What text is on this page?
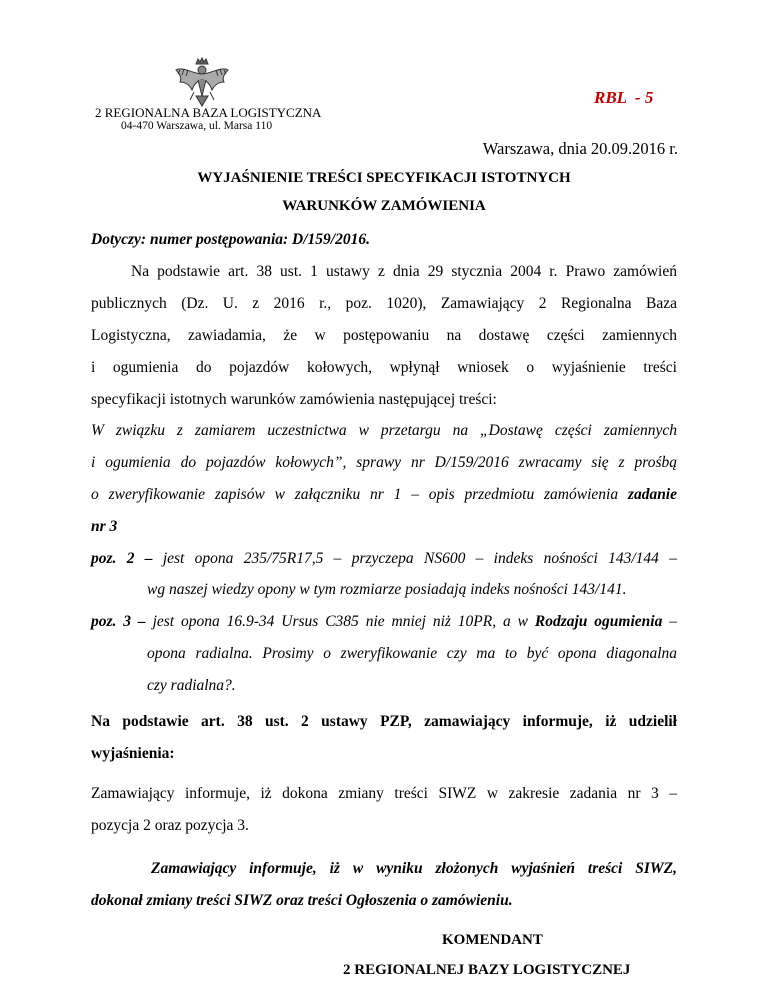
2 REGIONALNA BAZA LOGISTYCZNA
04-470 Warszawa, ul. Marsa 110
RBL  - 5
Warszawa, dnia 20.09.2016 r.
WYJAŚNIENIE TREŚCI SPECYFIKACJI ISTOTNYCH
WARUNKÓW ZAMÓWIENIA
Dotyczy: numer postępowania: D/159/2016.
Na podstawie art. 38 ust. 1 ustawy z dnia 29 stycznia 2004 r. Prawo zamówień
publicznych (Dz. U. z 2016 r., poz. 1020), Zamawiający 2 Regionalna Baza
Logistyczna, zawiadamia, że w postępowaniu na dostawę części zamiennych
i ogumienia do pojazdów kołowych, wpłynął wniosek o wyjaśnienie treści
specyfikacji istotnych warunków zamówienia następującej treści:
W związku z zamiarem uczestnictwa w przetargu na „Dostawę części zamiennych
i ogumienia do pojazdów kołowych”, sprawy nr D/159/2016 zwracamy się z prośbą
o zweryfikowanie zapisów w załączniku nr 1 – opis przedmiotu zamówienia zadanie
nr 3
poz. 2 – jest opona 235/75R17,5 – przyczepa NS600 – indeks nośności 143/144 –
wg naszej wiedzy opony w tym rozmiarze posiadają indeks nośności 143/141.
poz. 3 – jest opona 16.9-34 Ursus C385 nie mniej niż 10PR, a w Rodzaju ogumienia –
opona radialna. Prosimy o zweryfikowanie czy ma to być opona diagonalna
czy radialna?.
Na podstawie art. 38 ust. 2 ustawy PZP, zamawiający informuje, iż udzielił
wyjaśnienia:
Zamawiający informuje, iż dokona zmiany treści SIWZ w zakresie zadania nr 3 –
pozycja 2 oraz pozycja 3.
Zamawiający informuje, iż w wyniku złożonych wyjaśnień treści SIWZ,
dokonał zmiany treści SIWZ oraz treści Ogłoszenia o zamówieniu.
KOMENDANT
2 REGIONALNEJ BAZY LOGISTYCZNEJ
